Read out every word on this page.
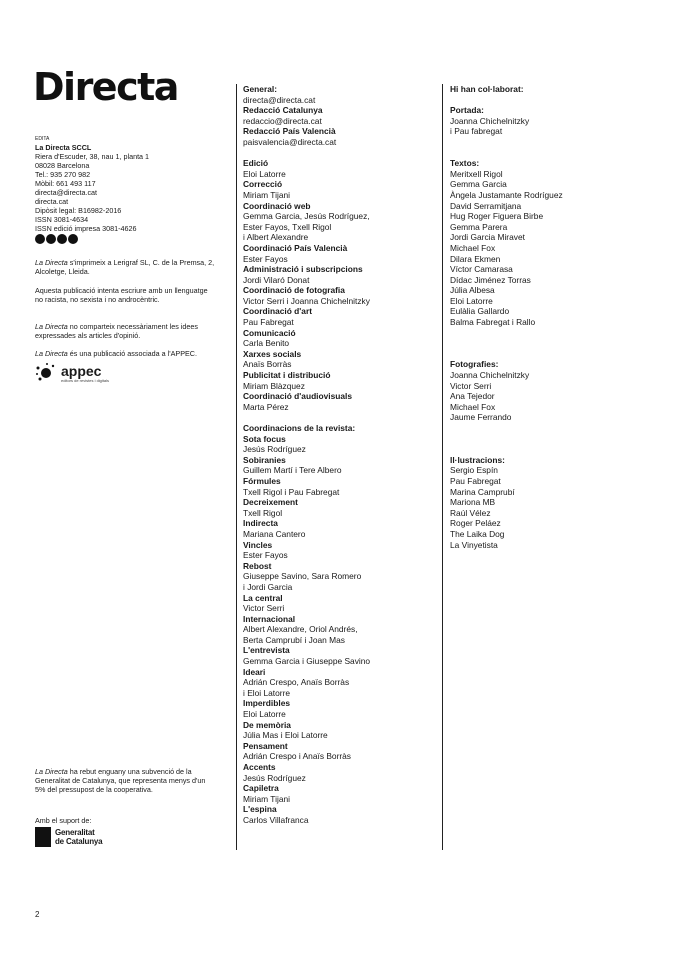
Directa

EDITA

La Directa SCCL

Riera d'Escuder, 38, nau 1, planta 1

08028 Barcelona

Tel.: 935 270 982

Mòbil: 661 493 117

directa@directa.cat

directa.cat

Dipòsit legal: B16982-2016

ISSN 3081-4634

ISSN edició impresa 3081-4626

La Directa s'imprimeix a Lerigraf SL, C. de la Premsa, 2, Alcoletge, Lleida.
Aquesta publicació intenta escriure amb un llenguatge no racista, no sexista i no androcèntric.
La Directa no comparteix necessàriament les idees expressades als articles d'opinió.
La Directa és una publicació associada a l'APPEC.
appec
editors de revistes i digitals
La Directa ha rebut enguany una subvenció de la Generalitat de Catalunya, que representa menys d'un 5% del pressupost de la cooperativa.
Amb el suport de:
Generalitat
de Catalunya
General:
directa@directa.cat
Redacció Catalunya
redaccio@directa.cat
Redacció País Valencià
paisvalencia@directa.cat
Edició
Eloi Latorre
Correcció
Miriam Tijani
Coordinació web
Gemma Garcia, Jesús Rodríguez,
Ester Fayos, Txell Rigol
i Albert Alexandre
Coordinació País Valencià
Ester Fayos
Administració i subscripcions
Jordi Vilaró Donat
Coordinació de fotografia
Victor Serri i Joanna Chichelnitzky
Coordinació d'art
Pau Fabregat
Comunicació
Carla Benito
Xarxes socials
Anaïs Borràs
Publicitat i distribució
Miriam Blàzquez
Coordinació d'audiovisuals
Marta Pérez
Coordinacions de la revista:
Sota focus
Jesús Rodríguez
Sobiranies
Guillem Martí i Tere Albero
Fórmules
Txell Rigol i Pau Fabregat
Decreixement
Txell Rigol
Indirecta
Mariana Cantero
Vincles
Ester Fayos
Rebost
Giuseppe Savino, Sara Romero
i Jordi Garcia
La central
Victor Serri
Internacional
Albert Alexandre, Oriol Andrés,
Berta Camprubí i Joan Mas
L'entrevista
Gemma Garcia i Giuseppe Savino
Ideari
Adrián Crespo, Anaïs Borràs
i Eloi Latorre
Imperdibles
Eloi Latorre
De memòria
Júlia Mas i Eloi Latorre
Pensament
Adrián Crespo i Anaïs Borràs
Accents
Jesús Rodríguez
Capiletra
Miriam Tijani
L'espina
Carlos Villafranca
Hi han col·laborat:
Portada:
Joanna Chichelnitzky
i Pau fabregat
Textos:
Meritxell Rigol
Gemma Garcia
Àngela Justamante Rodríguez
David Serramitjana
Hug Roger Figuera Birbe
Gemma Parera
Jordi Garcia Miravet
Michael Fox
Dilara Ekmen
Víctor Camarasa
Dídac Jiménez Torras
Júlia Albesa
Eloi Latorre
Eulàlia Gallardo
Balma Fabregat i Rallo
Fotografies:
Joanna Chichelnitzky
Victor Serri
Ana Tejedor
Michael Fox
Jaume Ferrando
Il·lustracions:
Sergio Espín
Pau Fabregat
Marina Camprubí
Mariona MB
Raúl Vélez
Roger Peláez
The Laika Dog
La Vinyetista
2
